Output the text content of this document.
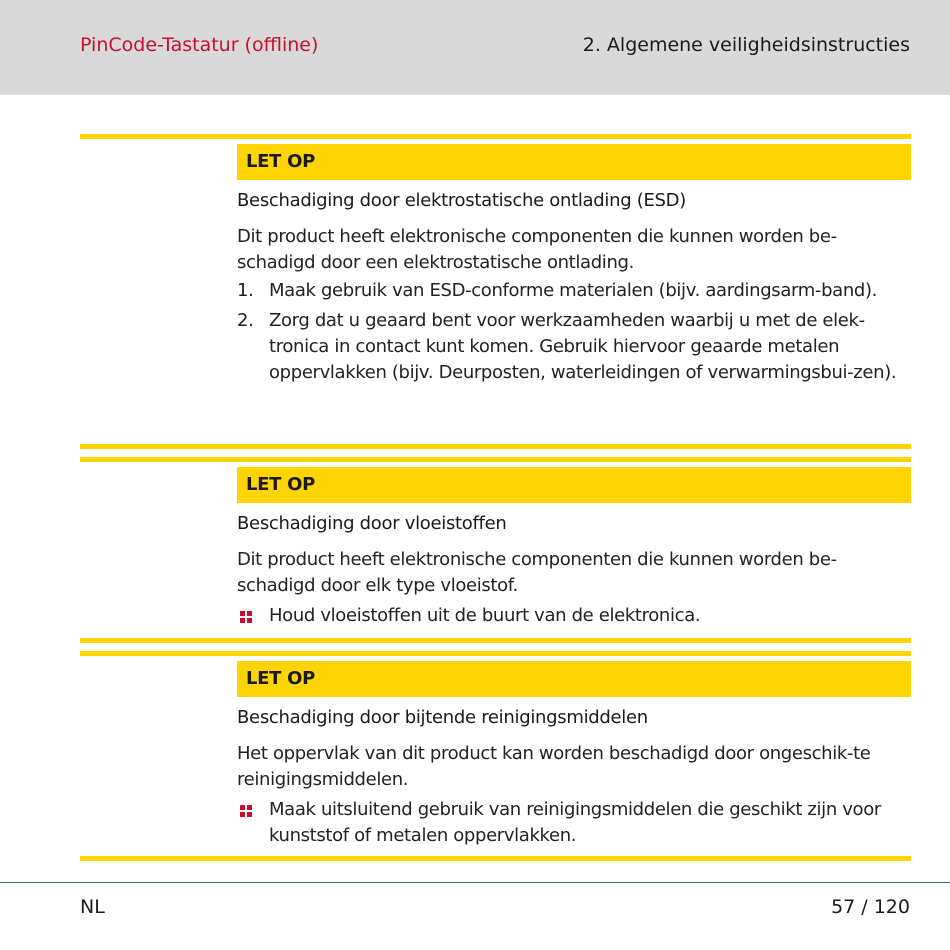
PinCode-Tastatur (offline)	2. Algemene veiligheidsinstructies
LET OP
Beschadiging door elektrostatische ontlading (ESD)
Dit product heeft elektronische componenten die kunnen worden be-schadigd door een elektrostatische ontlading.
1. Maak gebruik van ESD-conforme materialen (bijv. aardingsarm-band).
2. Zorg dat u geaard bent voor werkzaamheden waarbij u met de elek-tronica in contact kunt komen. Gebruik hiervoor geaarde metalen oppervlakken (bijv. Deurposten, waterleidingen of verwarmingsbui-zen).
LET OP
Beschadiging door vloeistoffen
Dit product heeft elektronische componenten die kunnen worden be-schadigd door elk type vloeistof.
Houd vloeistoffen uit de buurt van de elektronica.
LET OP
Beschadiging door bijtende reinigingsmiddelen
Het oppervlak van dit product kan worden beschadigd door ongeschik-te reinigingsmiddelen.
Maak uitsluitend gebruik van reinigingsmiddelen die geschikt zijn voor kunststof of metalen oppervlakken.
NL	57 / 120
